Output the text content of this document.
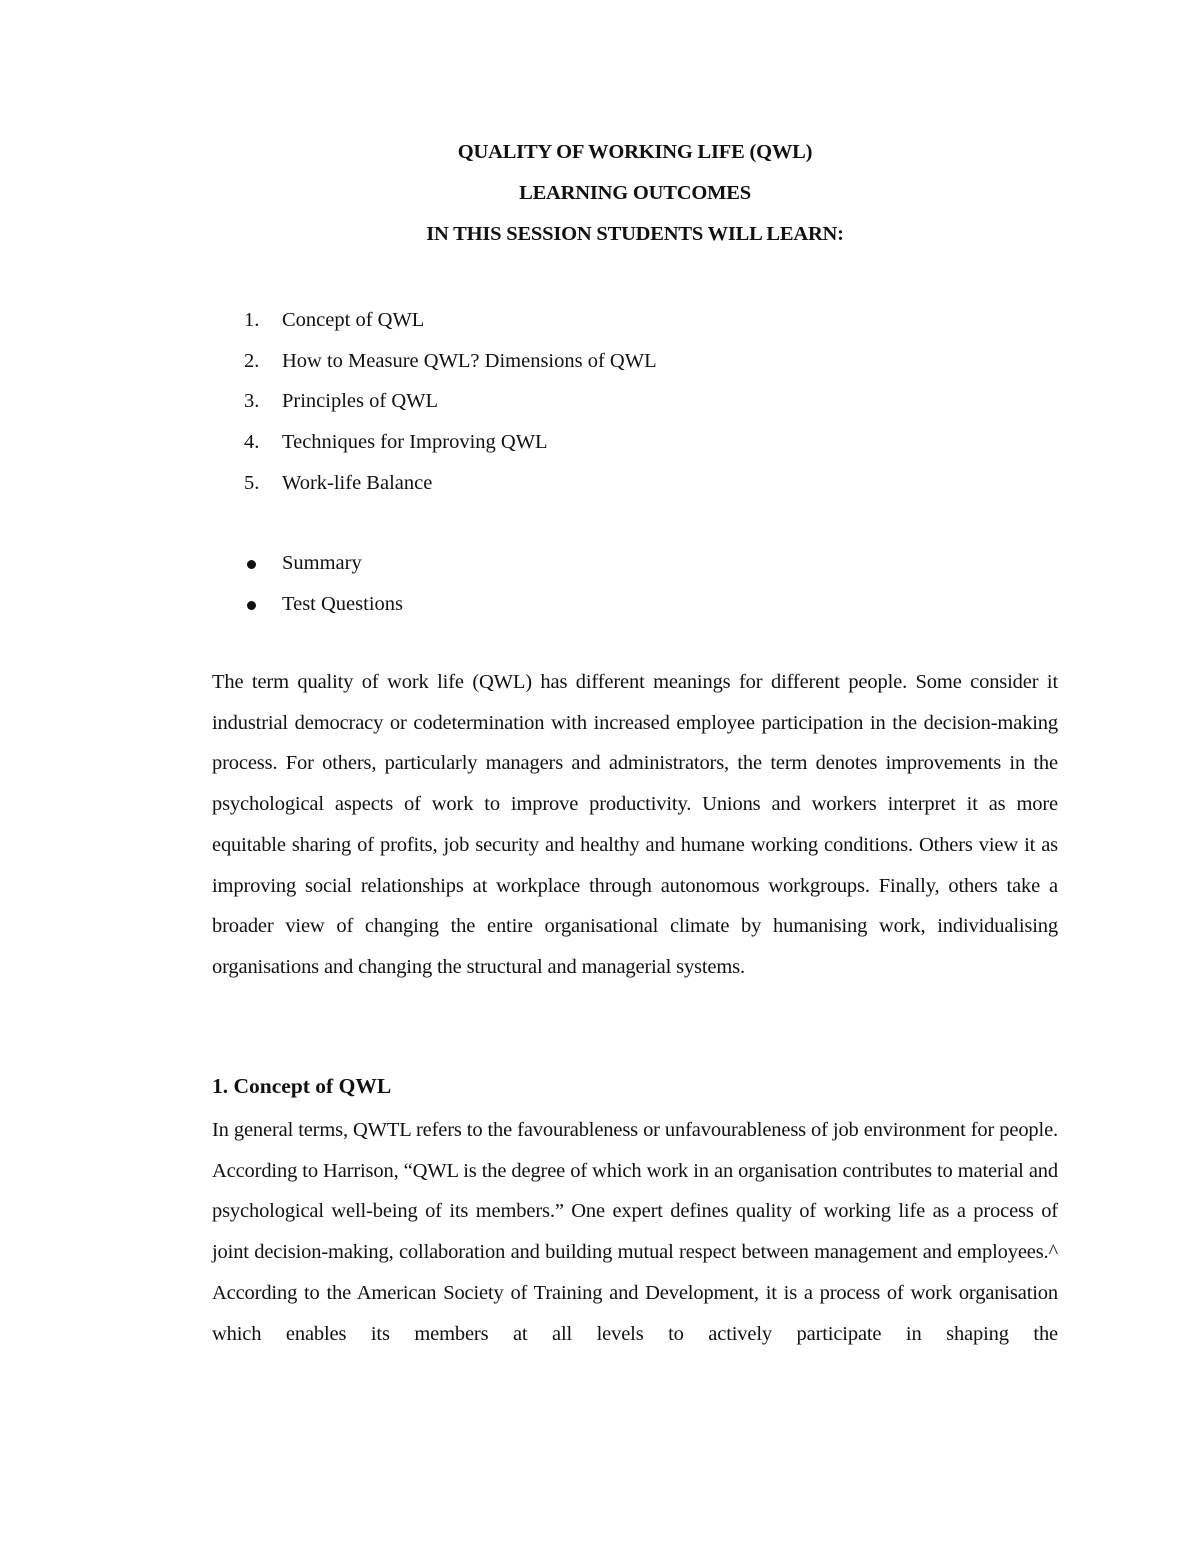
QUALITY OF WORKING LIFE (QWL)

LEARNING OUTCOMES

IN THIS SESSION STUDENTS WILL LEARN:

1. Concept of QWL
2. How to Measure QWL? Dimensions of QWL
3. Principles of QWL
4. Techniques for Improving QWL
5. Work-life Balance
Summary
Test Questions

The term quality of work life (QWL) has different meanings for different people. Some consider it industrial democracy or codetermination with increased employee participation in the decision-making process. For others, particularly managers and administrators, the term denotes improvements in the psychological aspects of work to improve productivity. Unions and workers interpret it as more equitable sharing of profits, job security and healthy and humane working conditions. Others view it as improving social relationships at workplace through autonomous workgroups. Finally, others take a broader view of changing the entire organisational climate by humanising work, individualising organisations and changing the structural and managerial systems.

1. Concept of QWL

In general terms, QWTL refers to the favourableness or unfavourableness of job environment for people. According to Harrison, “QWL is the degree of which work in an organisation contributes to material and psychological well-being of its members.” One expert defines quality of working life as a process of joint decision-making, collaboration and building mutual respect between management and employees.^ According to the American Society of Training and Development, it is a process of work organisation which enables its members at all levels to actively participate in shaping the
